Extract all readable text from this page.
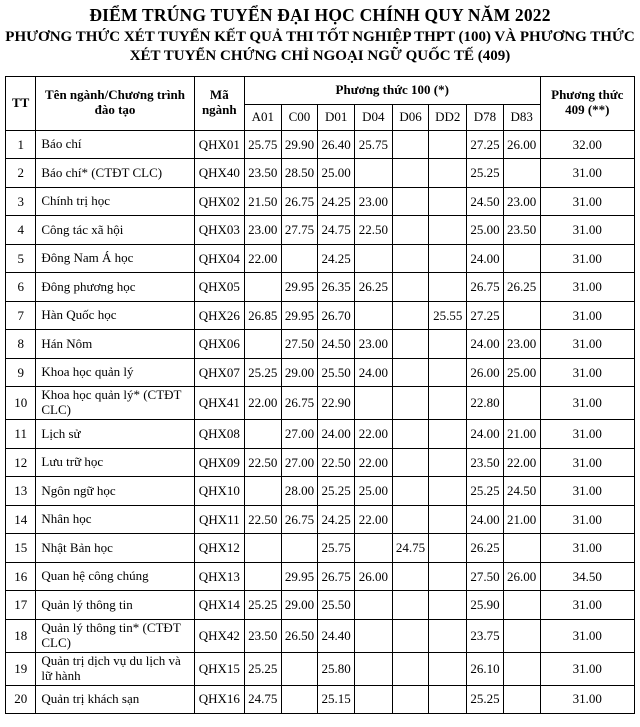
ĐIỂM TRÚNG TUYỂN ĐẠI HỌC CHÍNH QUY NĂM 2022
PHƯƠNG THỨC XÉT TUYỂN KẾT QUẢ THI TỐT NGHIỆP THPT (100) VÀ PHƯƠNG THỨC
XÉT TUYỂN CHỨNG CHỈ NGOẠI NGỮ QUỐC TẾ (409)
TT	Tên ngành/Chương trình đào tạo	Mã ngành	Phương thức 100 (*)								Phương thức 409 (**)
			A01	C00	D01	D04	D06	DD2	D78	D83	
1	Báo chí	QHX01	25.75	29.90	26.40	25.75			27.25	26.00	32.00
2	Báo chí* (CTĐT CLC)	QHX40	23.50	28.50	25.00				25.25		31.00
3	Chính trị học	QHX02	21.50	26.75	24.25	23.00			24.50	23.00	31.00
4	Công tác xã hội	QHX03	23.00	27.75	24.75	22.50			25.00	23.50	31.00
5	Đông Nam Á học	QHX04	22.00		24.25				24.00		31.00
6	Đông phương học	QHX05		29.95	26.35	26.25			26.75	26.25	31.00
7	Hàn Quốc học	QHX26	26.85	29.95	26.70			25.55	27.25		31.00
8	Hán Nôm	QHX06		27.50	24.50	23.00			24.00	23.00	31.00
9	Khoa học quản lý	QHX07	25.25	29.00	25.50	24.00			26.00	25.00	31.00
10	Khoa học quản lý* (CTĐT CLC)	QHX41	22.00	26.75	22.90				22.80		31.00
11	Lịch sử	QHX08		27.00	24.00	22.00			24.00	21.00	31.00
12	Lưu trữ học	QHX09	22.50	27.00	22.50	22.00			23.50	22.00	31.00
13	Ngôn ngữ học	QHX10		28.00	25.25	25.00			25.25	24.50	31.00
14	Nhân học	QHX11	22.50	26.75	24.25	22.00			24.00	21.00	31.00
15	Nhật Bản học	QHX12			25.75		24.75		26.25		31.00
16	Quan hệ công chúng	QHX13		29.95	26.75	26.00			27.50	26.00	34.50
17	Quản lý thông tin	QHX14	25.25	29.00	25.50				25.90		31.00
18	Quản lý thông tin* (CTĐT CLC)	QHX42	23.50	26.50	24.40				23.75		31.00
19	Quản trị dịch vụ du lịch và lữ hành	QHX15	25.25		25.80				26.10		31.00
20	Quản trị khách sạn	QHX16	24.75		25.15				25.25		31.00
